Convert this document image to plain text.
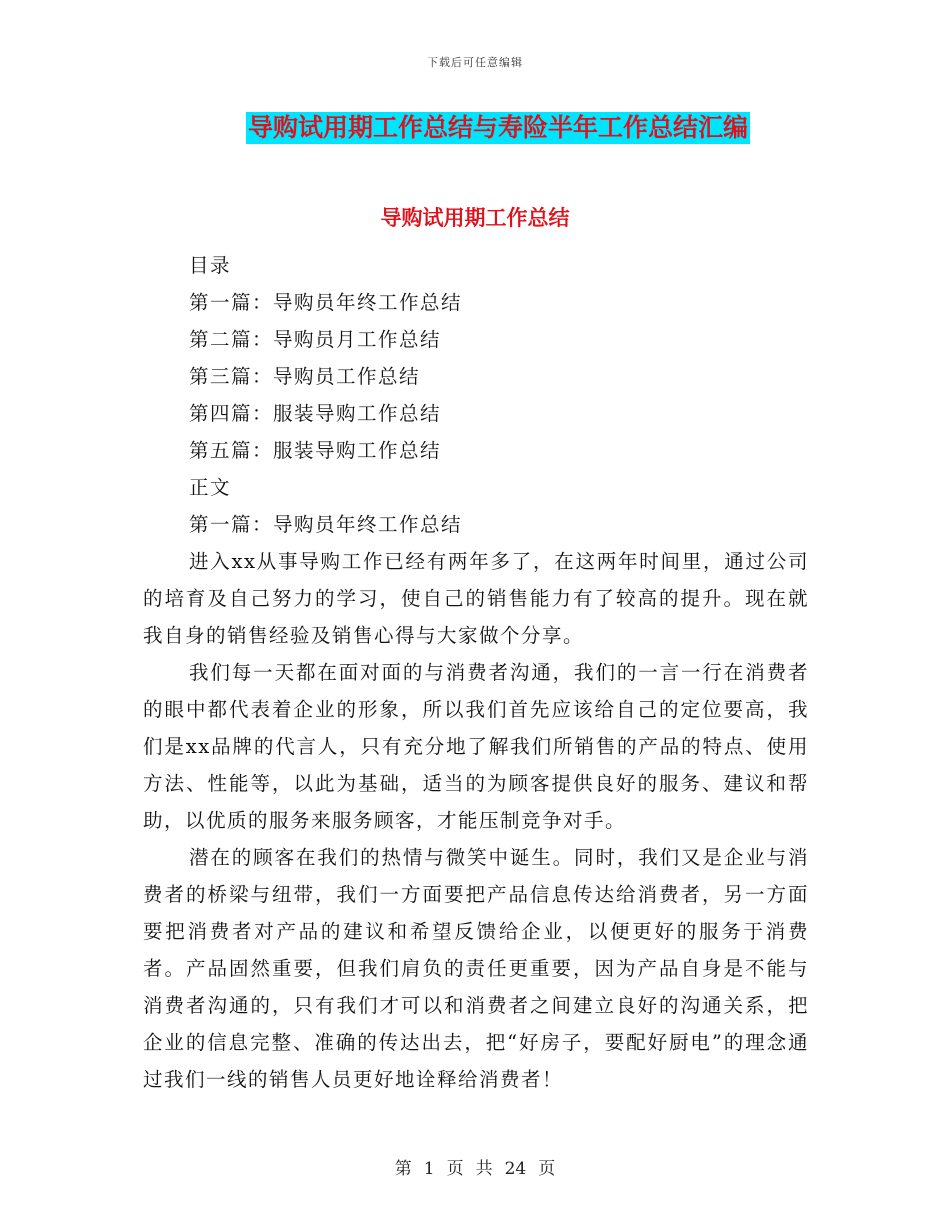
下载后可任意编辑
导购试用期工作总结与寿险半年工作总结汇编
导购试用期工作总结
目录
第一篇：导购员年终工作总结
第二篇：导购员月工作总结
第三篇：导购员工作总结
第四篇：服装导购工作总结
第五篇：服装导购工作总结
正文
第一篇：导购员年终工作总结

进入xx从事导购工作已经有两年多了，在这两年时间里，通过公司的培育及自己努力的学习，使自己的销售能力有了较高的提升。现在就我自身的销售经验及销售心得与大家做个分享。

我们每一天都在面对面的与消费者沟通，我们的一言一行在消费者的眼中都代表着企业的形象，所以我们首先应该给自己的定位要高，我们是xx品牌的代言人，只有充分地了解我们所销售的产品的特点、使用方法、性能等，以此为基础，适当的为顾客提供良好的服务、建议和帮助，以优质的服务来服务顾客，才能压制竞争对手。

潜在的顾客在我们的热情与微笑中诞生。同时，我们又是企业与消费者的桥梁与纽带，我们一方面要把产品信息传达给消费者，另一方面要把消费者对产品的建议和希望反馈给企业，以便更好的服务于消费者。产品固然重要，但我们肩负的责任更重要，因为产品自身是不能与消费者沟通的，只有我们才可以和消费者之间建立良好的沟通关系，把企业的信息完整、准确的传达出去，把“好房子，要配好厨电”的理念通过我们一线的销售人员更好地诠释给消费者！

第 1 页 共 24 页
